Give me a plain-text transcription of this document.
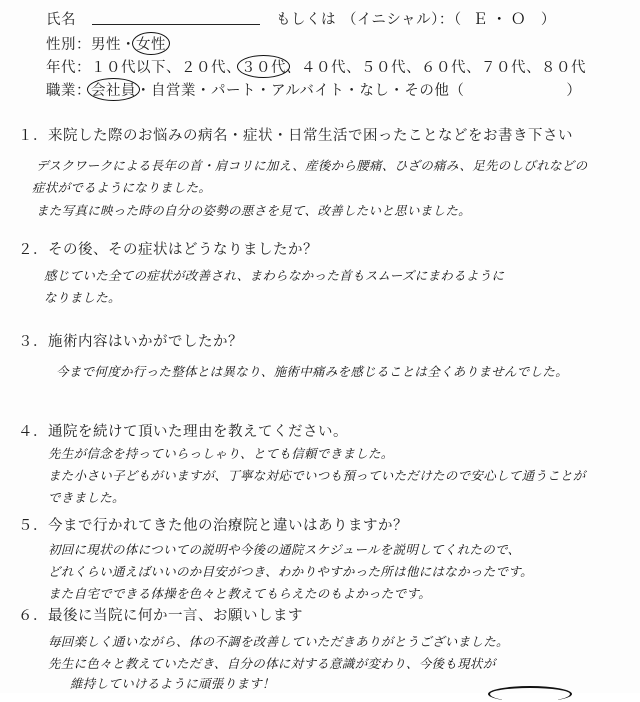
氏名	もしくは （イニシャル）：（ Ｅ・Ｏ ）
性別：男性・女性
年代：１０代以下、２０代、３０代、４０代、５０代、６０代、７０代、８０代
職業：会社員・自営業・パート・アルバイト・なし・その他（	）
１．来院した際のお悩みの病名・症状・日常生活で困ったことなどをお書き下さい
デスクワークによる長年の首・肩コリに加え、産後から腰痛、ひざの痛み、足先のしびれなどの
症状がでるようになりました。
また写真に映った時の自分の姿勢の悪さを見て、改善したいと思いました。
２．その後、その症状はどうなりましたか？
感じていた全ての症状が改善され、まわらなかった首もスムーズにまわるように
なりました。
３．施術内容はいかがでしたか？
今まで何度か行った整体とは異なり、施術中痛みを感じることは全くありませんでした。
４．通院を続けて頂いた理由を教えてください。
先生が信念を持っていらっしゃり、とても信頼できました。
また小さい子どもがいますが、丁寧な対応でいつも預っていただけたので安心して通うことが
できました。
５．今まで行かれてきた他の治療院と違いはありますか？
初回に現状の体についての説明や今後の通院スケジュールを説明してくれたので、
どれくらい通えばいいのか目安がつき、わかりやすかった所は他にはなかったです。
また自宅でできる体操を色々と教えてもらえたのもよかったです。
６．最後に当院に何か一言、お願いします
毎回楽しく通いながら、体の不調を改善していただきありがとうございました。
先生に色々と教えていただき、自分の体に対する意識が変わり、今後も現状が
維持していけるように頑張ります！
